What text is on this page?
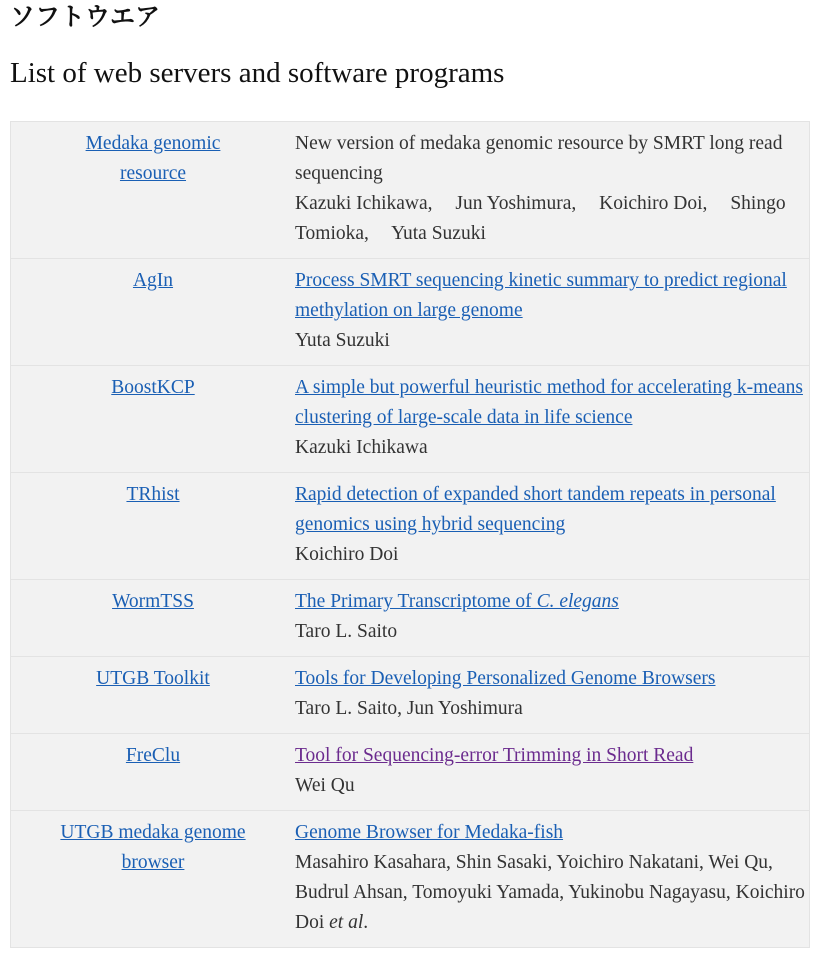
ソフトウエア
List of web servers and software programs
Medaka genomic resource	New version of medaka genomic resource by SMRT long read sequencing
Kazuki Ichikawa, Jun Yoshimura, Koichiro Doi, Shingo Tomioka, Yuta Suzuki

AgIn	Process SMRT sequencing kinetic summary to predict regional methylation on large genome
Yuta Suzuki

BoostKCP	A simple but powerful heuristic method for accelerating k-means clustering of large-scale data in life science
Kazuki Ichikawa

TRhist	Rapid detection of expanded short tandem repeats in personal genomics using hybrid sequencing
Koichiro Doi

WormTSS	The Primary Transcriptome of C. elegans
Taro L. Saito

UTGB Toolkit	Tools for Developing Personalized Genome Browsers
Taro L. Saito, Jun Yoshimura

FreClu	Tool for Sequencing-error Trimming in Short Read
Wei Qu

UTGB medaka genome browser	Genome Browser for Medaka-fish
Masahiro Kasahara, Shin Sasaki, Yoichiro Nakatani, Wei Qu, Budrul Ahsan, Tomoyuki Yamada, Yukinobu Nagayasu, Koichiro Doi et al.
